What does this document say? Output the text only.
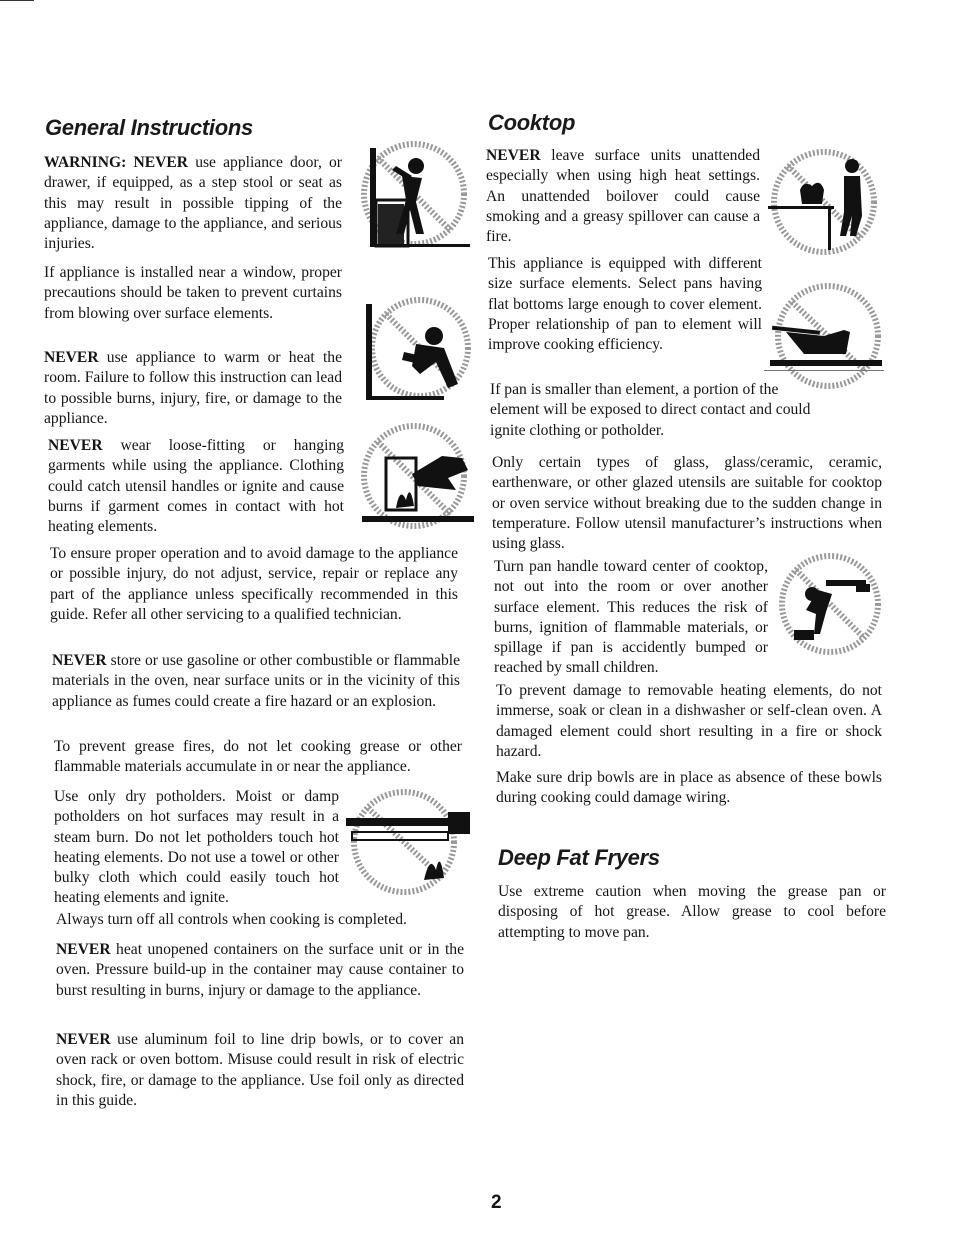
General Instructions

WARNING: NEVER use appliance door, or drawer, if equipped, as a step stool or seat as this may result in possible tipping of the appliance, damage to the appliance, and serious injuries.

If appliance is installed near a window, proper precautions should be taken to prevent curtains from blowing over surface elements.

NEVER use appliance to warm or heat the room. Failure to follow this instruction can lead to possible burns, injury, fire, or damage to the appliance.

NEVER wear loose-fitting or hanging garments while using the appliance. Clothing could catch utensil handles or ignite and cause burns if garment comes in contact with hot heating elements.

To ensure proper operation and to avoid damage to the appliance or possible injury, do not adjust, service, repair or replace any part of the appliance unless specifically recommended in this guide. Refer all other servicing to a qualified technician.

NEVER store or use gasoline or other combustible or flammable materials in the oven, near surface units or in the vicinity of this appliance as fumes could create a fire hazard or an explosion.

To prevent grease fires, do not let cooking grease or other flammable materials accumulate in or near the appliance.

Use only dry potholders. Moist or damp potholders on hot surfaces may result in a steam burn. Do not let potholders touch hot heating elements. Do not use a towel or other bulky cloth which could easily touch hot heating elements and ignite.

Always turn off all controls when cooking is completed.

NEVER heat unopened containers on the surface unit or in the oven. Pressure build-up in the container may cause container to burst resulting in burns, injury or damage to the appliance.

NEVER use aluminum foil to line drip bowls, or to cover an oven rack or oven bottom. Misuse could result in risk of electric shock, fire, or damage to the appliance. Use foil only as directed in this guide.

Cooktop

NEVER leave surface units unattended especially when using high heat settings. An unattended boilover could cause smoking and a greasy spillover can cause a fire.

This appliance is equipped with different size surface elements. Select pans having flat bottoms large enough to cover element. Proper relationship of pan to element will improve cooking efficiency.

If pan is smaller than element, a portion of the element will be exposed to direct contact and could ignite clothing or potholder.

Only certain types of glass, glass/ceramic, ceramic, earthenware, or other glazed utensils are suitable for cooktop or oven service without breaking due to the sudden change in temperature. Follow utensil manufacturer’s instructions when using glass.

Turn pan handle toward center of cooktop, not out into the room or over another surface element. This reduces the risk of burns, ignition of flammable materials, or spillage if pan is accidently bumped or reached by small children.

To prevent damage to removable heating elements, do not immerse, soak or clean in a dishwasher or self-clean oven. A damaged element could short resulting in a fire or shock hazard.

Make sure drip bowls are in place as absence of these bowls during cooking could damage wiring.

Deep Fat Fryers

Use extreme caution when moving the grease pan or disposing of hot grease. Allow grease to cool before attempting to move pan.

2
